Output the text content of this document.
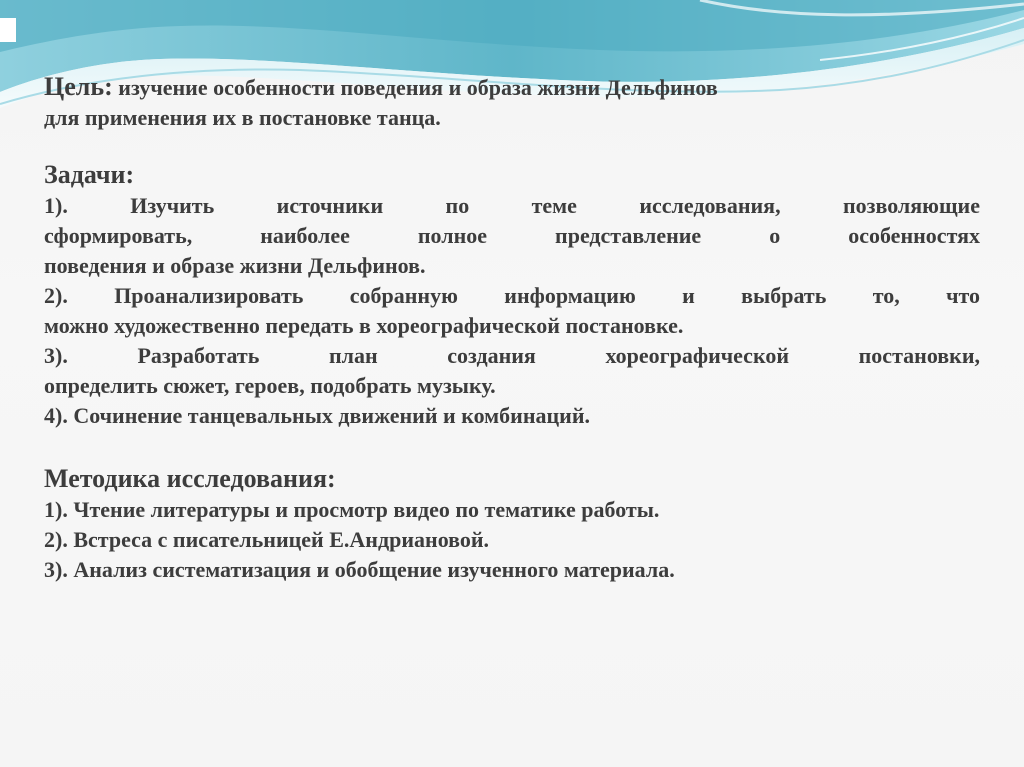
Цель: изучение особенности поведения и образа жизни Дельфинов
для применения их в постановке танца.
Задачи:
1). Изучить источники по теме исследования, позволяющие
сформировать, наиболее полное представление о особенностях
поведения и образе жизни Дельфинов.
2). Проанализировать собранную информацию и выбрать то, что
можно художественно передать в хореографической постановке.
3). Разработать план создания хореографической постановки,
определить сюжет, героев, подобрать музыку.
4). Сочинение танцевальных движений и комбинаций.
Методика исследования:
1). Чтение литературы и просмотр видео по тематике работы.
2). Встреса с писательницей Е.Андриановой.
3). Анализ систематизация и обобщение изученного материала.
